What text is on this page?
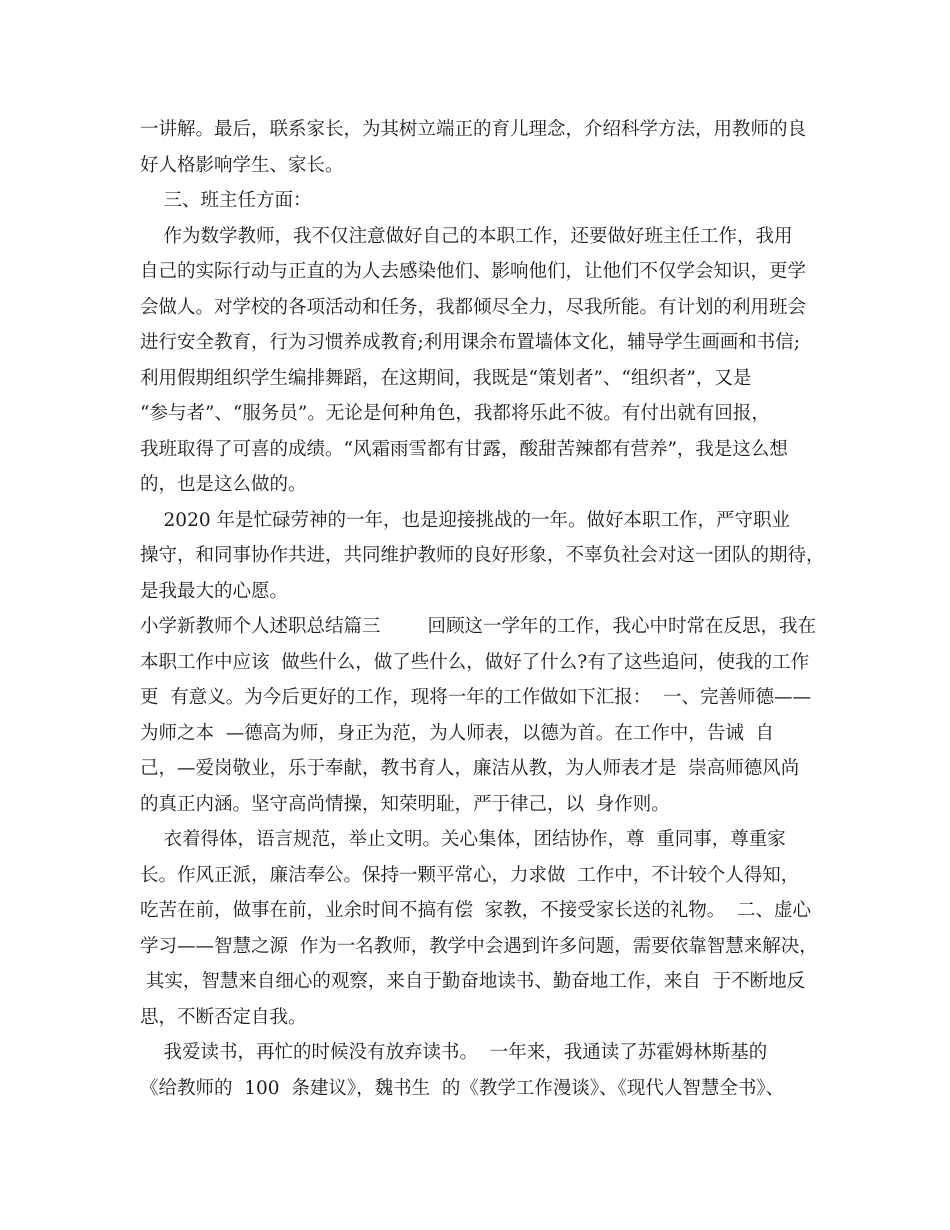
一讲解。最后，联系家长，为其树立端正的育儿理念，介绍科学方法，用教师的良
好人格影响学生、家长。
三、班主任方面：
作为数学教师，我不仅注意做好自己的本职工作，还要做好班主任工作，我用
自己的实际行动与正直的为人去感染他们、影响他们，让他们不仅学会知识，更学
会做人。对学校的各项活动和任务，我都倾尽全力，尽我所能。有计划的利用班会
进行安全教育，行为习惯养成教育;利用课余布置墙体文化，辅导学生画画和书信;
利用假期组织学生编排舞蹈，在这期间，我既是“策划者”、“组织者”，又是
“参与者”、“服务员”。无论是何种角色，我都将乐此不彼。有付出就有回报，
我班取得了可喜的成绩。“风霜雨雪都有甘露，酸甜苦辣都有营养”，我是这么想
的，也是这么做的。
2020 年是忙碌劳神的一年，也是迎接挑战的一年。做好本职工作，严守职业
操守，和同事协作共进，共同维护教师的良好形象，不辜负社会对这一团队的期待，
是我最大的心愿。
小学新教师个人述职总结篇三        回顾这一学年的工作，我心中时常在反思，我在
本职工作中应该  做些什么，做了些什么，做好了什么?有了这些追问，使我的工作
更  有意义。为今后更好的工作，现将一年的工作做如下汇报：  一、完善师德——
为师之本  —德高为师，身正为范，为人师表，以德为首。在工作中，告诫  自
己，—爱岗敬业，乐于奉献，教书育人，廉洁从教，为人师表才是  崇高师德风尚
的真正内涵。坚守高尚情操，知荣明耻，严于律己，以  身作则。
衣着得体，语言规范，举止文明。关心集体，团结协作，尊  重同事，尊重家
长。作风正派，廉洁奉公。保持一颗平常心，力求做  工作中，不计较个人得知，
吃苦在前，做事在前，业余时间不搞有偿  家教，不接受家长送的礼物。  二、虚心
学习——智慧之源  作为一名教师，教学中会遇到许多问题，需要依靠智慧来解决，
其实，智慧来自细心的观察，来自于勤奋地读书、勤奋地工作，来自  于不断地反
思，不断否定自我。
我爱读书，再忙的时候没有放弃读书。  一年来，我通读了苏霍姆林斯基的
《给教师的  100  条建议》，魏书生  的《教学工作漫谈》、《现代人智慧全书》、
